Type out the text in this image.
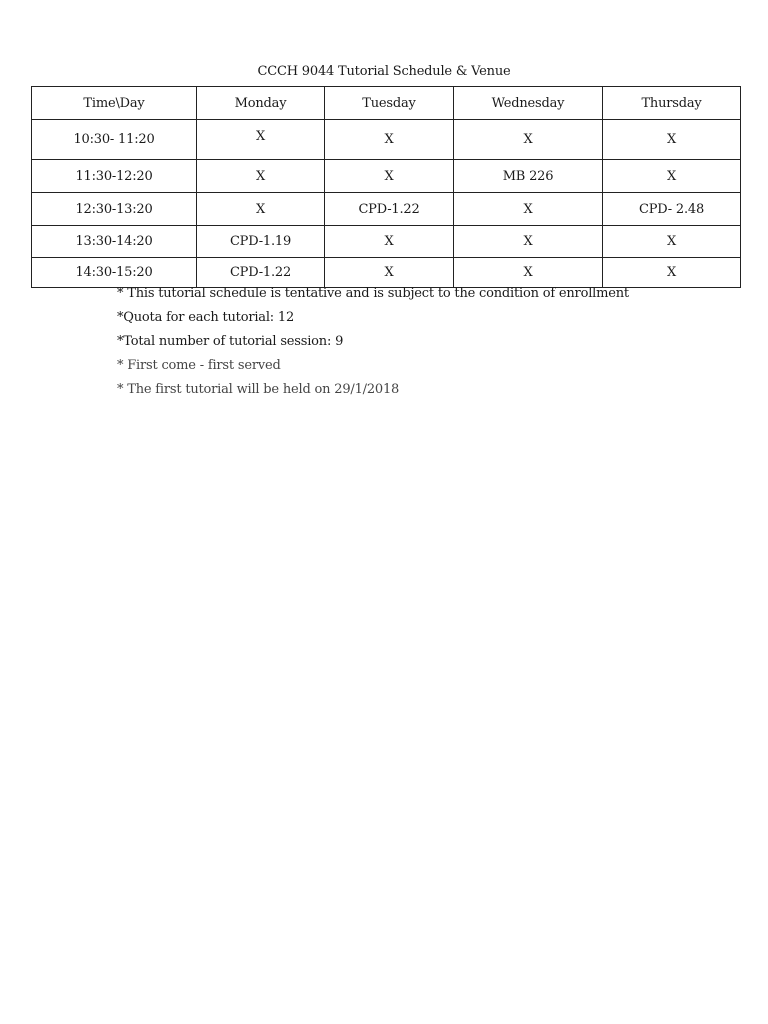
CCCH 9044 Tutorial Schedule & Venue
Time\Day	Monday	Tuesday	Wednesday	Thursday
10:30- 11:20	X	X	X	X
11:30-12:20	X	X	MB 226	X
12:30-13:20	X	CPD-1.22	X	CPD- 2.48
13:30-14:20	CPD-1.19	X	X	X
14:30-15:20	CPD-1.22	X	X	X
* This tutorial schedule is tentative and is subject to the condition of enrollment
*Quota for each tutorial: 12
*Total number of tutorial session: 9
* First come - first served
* The first tutorial will be held on 29/1/2018
